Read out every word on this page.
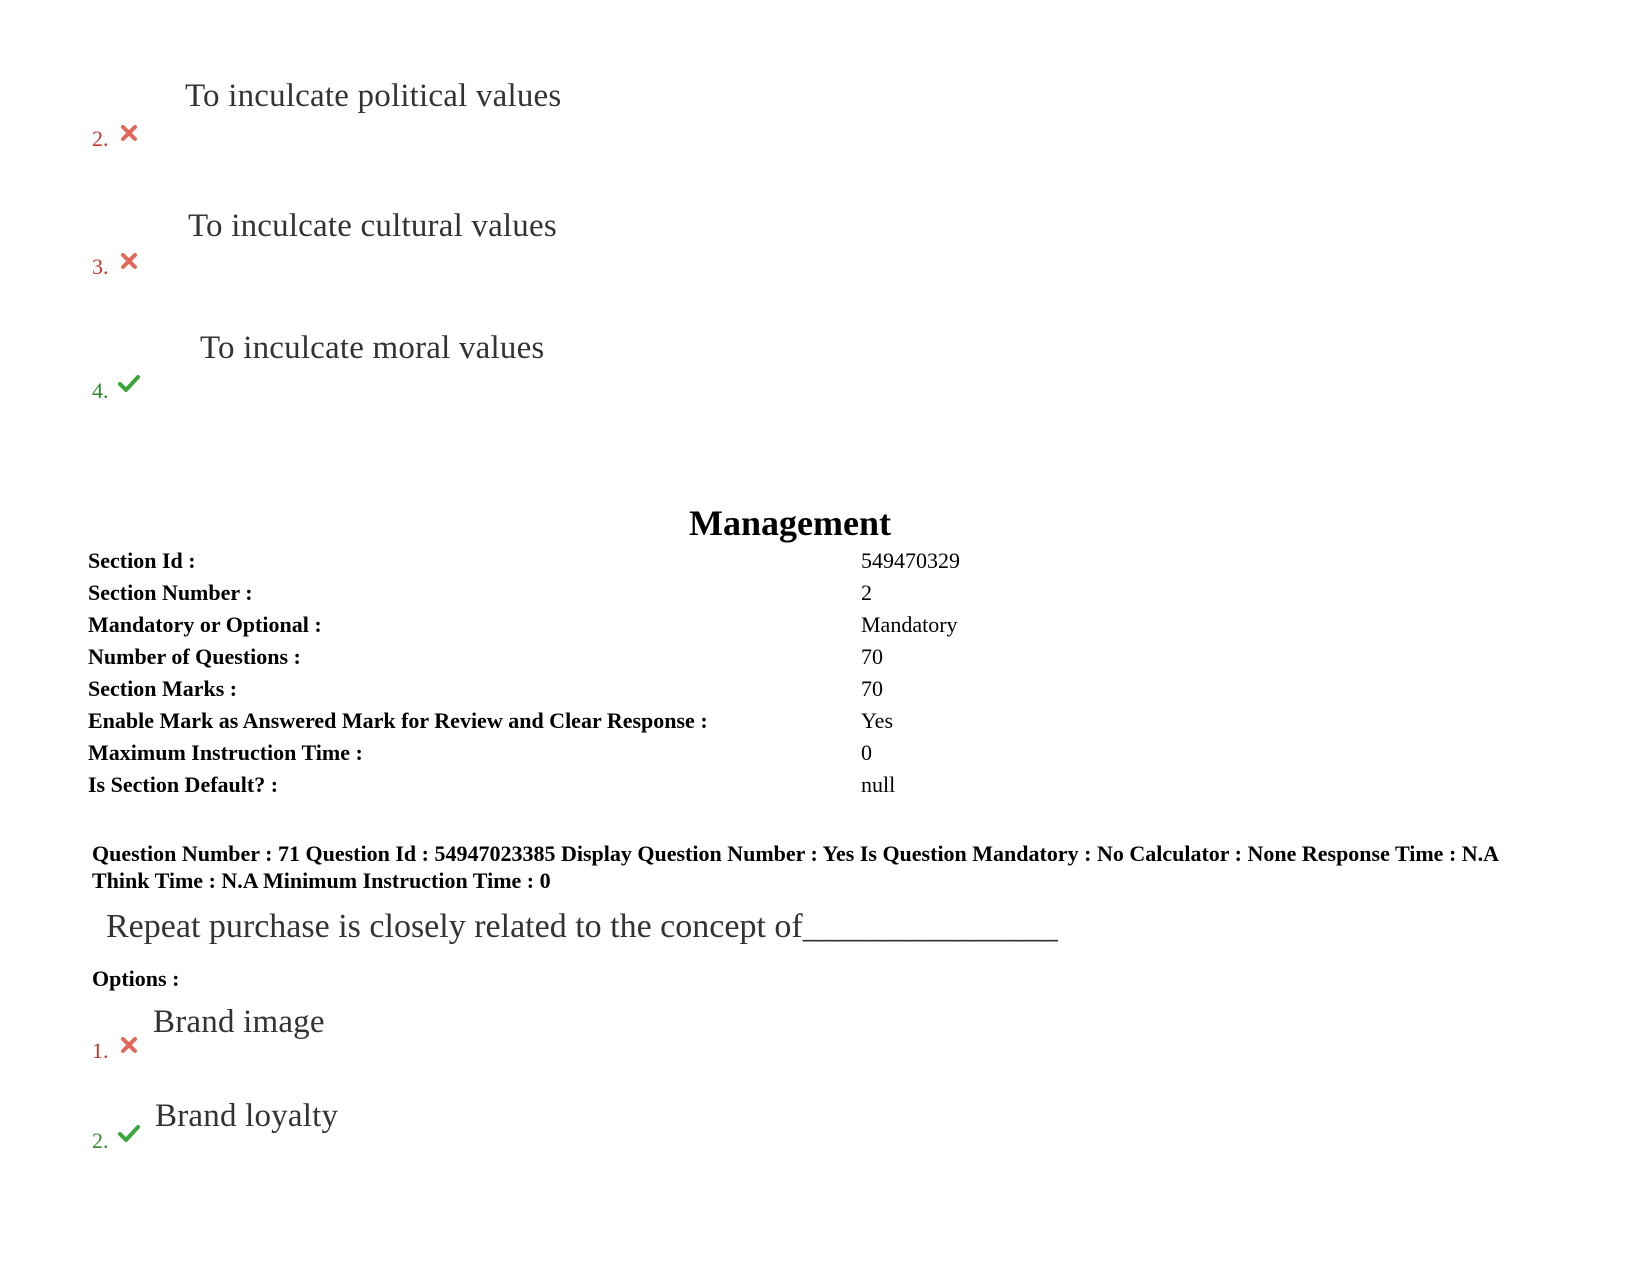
To inculcate political values
2.
To inculcate cultural values
3.
To inculcate moral values
4.
Management
Section Id :	549470329
Section Number :	2
Mandatory or Optional :	Mandatory
Number of Questions :	70
Section Marks :	70
Enable Mark as Answered Mark for Review and Clear Response :	Yes
Maximum Instruction Time :	0
Is Section Default? :	null
Question Number : 71 Question Id : 54947023385 Display Question Number : Yes Is Question Mandatory : No Calculator : None Response Time : N.A Think Time : N.A Minimum Instruction Time : 0
Repeat purchase is closely related to the concept of_______________
Options :
Brand image
1.
Brand loyalty
2.
